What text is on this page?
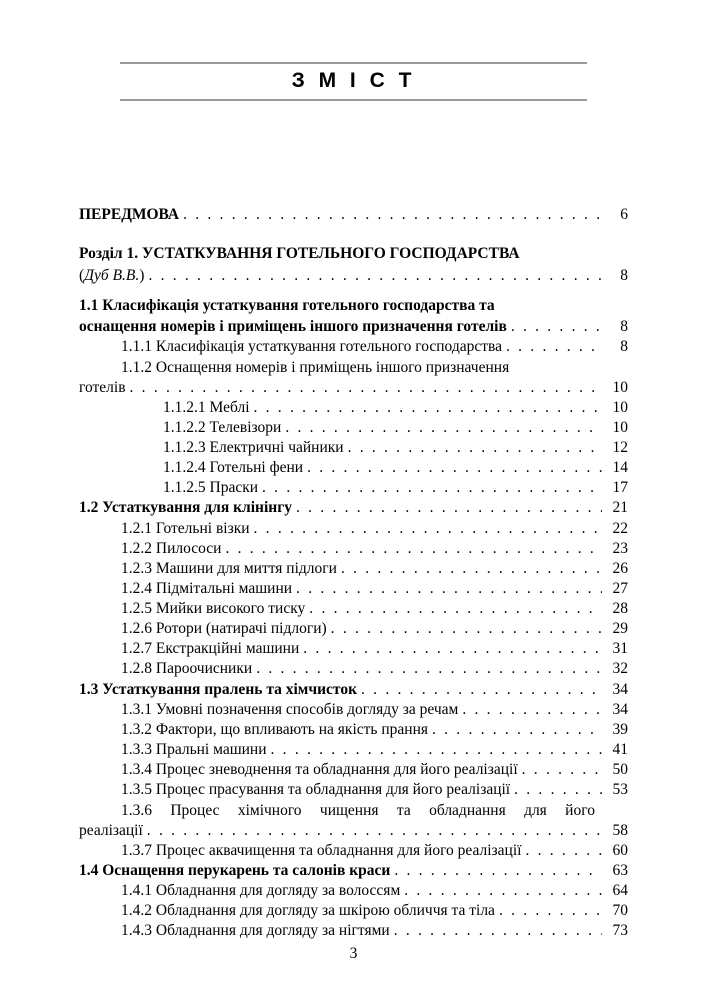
З М І С Т
ПЕРЕДМОВА . . .	6
Розділ 1. УСТАТКУВАННЯ ГОТЕЛЬНОГО ГОСПОДАРСТВА
(Дуб В.В.) . . .	8
1.1 Класифікація устаткування готельного господарства та
оснащення номерів і приміщень іншого призначення готелів . . .	8
1.1.1 Класифікація устаткування готельного господарства . . .	8
1.1.2 Оснащення номерів і приміщень іншого призначення
готелів . . .	10
1.1.2.1 Меблі . . .	10
1.1.2.2 Телевізори . . .	10
1.1.2.3 Електричні чайники . . .	12
1.1.2.4 Готельні фени . . .	14
1.1.2.5 Праски . . .	17
1.2 Устаткування для клінінгу . . .	21
1.2.1 Готельні візки . . .	22
1.2.2 Пилососи . . .	23
1.2.3 Машини для миття підлоги . . .	26
1.2.4 Підмітальні машини . . .	27
1.2.5 Мийки високого тиску . . .	28
1.2.6 Ротори (натирачі підлоги) . . .	29
1.2.7 Екстракційні машини . . .	31
1.2.8 Пароочисники . . .	32
1.3 Устаткування пралень та хімчисток . . .	34
1.3.1 Умовні позначення способів догляду за речам . . .	34
1.3.2 Фактори, що впливають на якість прання . . .	39
1.3.3 Пральні машини . . .	41
1.3.4 Процес зневоднення та обладнання для його реалізації . . .	50
1.3.5 Процес прасування та обладнання для його реалізації . . .	53
1.3.6 Процес хімічного чищення та обладнання для його
реалізації . . .	58
1.3.7 Процес аквачищення та обладнання для його реалізації . . .	60
1.4 Оснащення перукарень та салонів краси . . .	63
1.4.1 Обладнання для догляду за волоссям . . .	64
1.4.2 Обладнання для догляду за шкірою обличчя та тіла . . .	70
1.4.3 Обладнання для догляду за нігтями . . .	73
3
